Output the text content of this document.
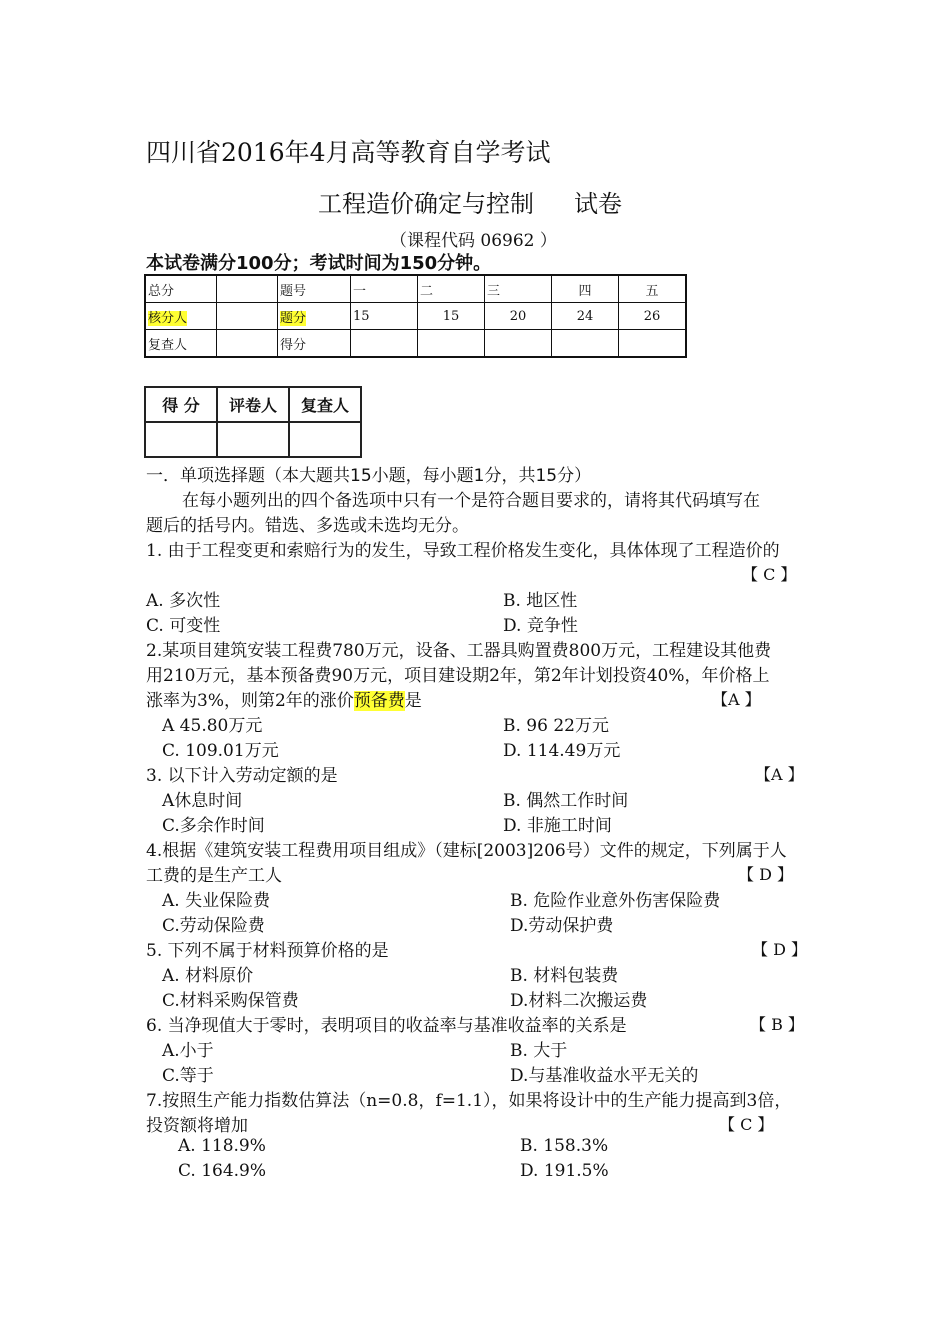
四川省2016年4月高等教育自学考试
工程造价确定与控制 试卷
（课程代码 06962 ）
本试卷满分100分；考试时间为150分钟。
总分		题号	一	二	三	四	五
核分人		题分	15	15	20	24	26
复查人		得分					
得 分	评卷人	复查人

一．单项选择题（本大题共15小题，每小题1分，共15分）
在每小题列出的四个备选项中只有一个是符合题目要求的，请将其代码填写在
题后的括号内。错选、多选或未选均无分。
1. 由于工程变更和索赔行为的发生，导致工程价格发生变化，具体体现了工程造价的
【 C 】
A. 多次性	B. 地区性
C. 可变性	D. 竞争性
2.某项目建筑安装工程费780万元，设备、工器具购置费800万元，工程建设其他费
用210万元，基本预备费90万元，项目建设期2年，第2年计划投资40%，年价格上
涨率为3%，则第2年的涨价预备费是	【A 】
A 45.80万元	B. 96 22万元
C. 109.01万元	D. 114.49万元
3. 以下计入劳动定额的是	【A 】
A休息时间	B. 偶然工作时间
C.多余作时间	D. 非施工时间
4.根据《建筑安装工程费用项目组成》（建标[2003]206号）文件的规定，下列属于人
工费的是生产工人	【 D 】
A. 失业保险费	B. 危险作业意外伤害保险费
C.劳动保险费	D.劳动保护费
5. 下列不属于材料预算价格的是	【 D 】
A. 材料原价	B. 材料包装费
C.材料采购保管费	D.材料二次搬运费
6. 当净现值大于零时，表明项目的收益率与基准收益率的关系是	【 B 】
A.小于	B. 大于
C.等于	D.与基准收益水平无关的
7.按照生产能力指数估算法（n=0.8，f=1.1），如果将设计中的生产能力提高到3倍，
投资额将增加	【 C 】
A. 118.9%	B. 158.3%
C. 164.9%	D. 191.5%
